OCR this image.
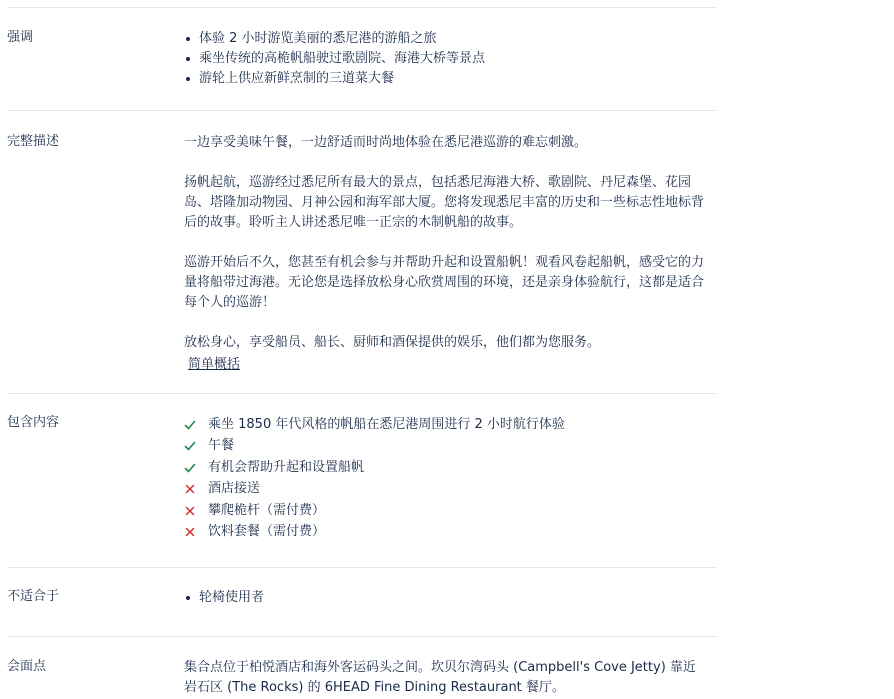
强调	体验 2 小时游览美丽的悉尼港的游船之旅
乘坐传统的高桅帆船驶过歌剧院、海港大桥等景点
游轮上供应新鲜烹制的三道菜大餐
完整描述	一边享受美味午餐，一边舒适而时尚地体验在悉尼港巡游的难忘刺激。

扬帆起航，巡游经过悉尼所有最大的景点，包括悉尼海港大桥、歌剧院、丹尼森堡、花园岛、塔隆加动物园、月神公园和海军部大厦。您将发现悉尼丰富的历史和一些标志性地标背后的故事。聆听主人讲述悉尼唯一正宗的木制帆船的故事。

巡游开始后不久，您甚至有机会参与并帮助升起和设置船帆！观看风卷起船帆，感受它的力量将船带过海港。无论您是选择放松身心欣赏周围的环境，还是亲身体验航行，这都是适合每个人的巡游！

放松身心，享受船员、船长、厨师和酒保提供的娱乐，他们都为您服务。

简单概括
包含内容	乘坐 1850 年代风格的帆船在悉尼港周围进行 2 小时航行体验
午餐
有机会帮助升起和设置船帆
酒店接送
攀爬桅杆（需付费）
饮料套餐（需付费）
不适合于	轮椅使用者
会面点	集合点位于柏悦酒店和海外客运码头之间。坎贝尔湾码头 (Campbell's Cove Jetty) 靠近岩石区 (The Rocks) 的 6HEAD Fine Dining Restaurant 餐厅。
